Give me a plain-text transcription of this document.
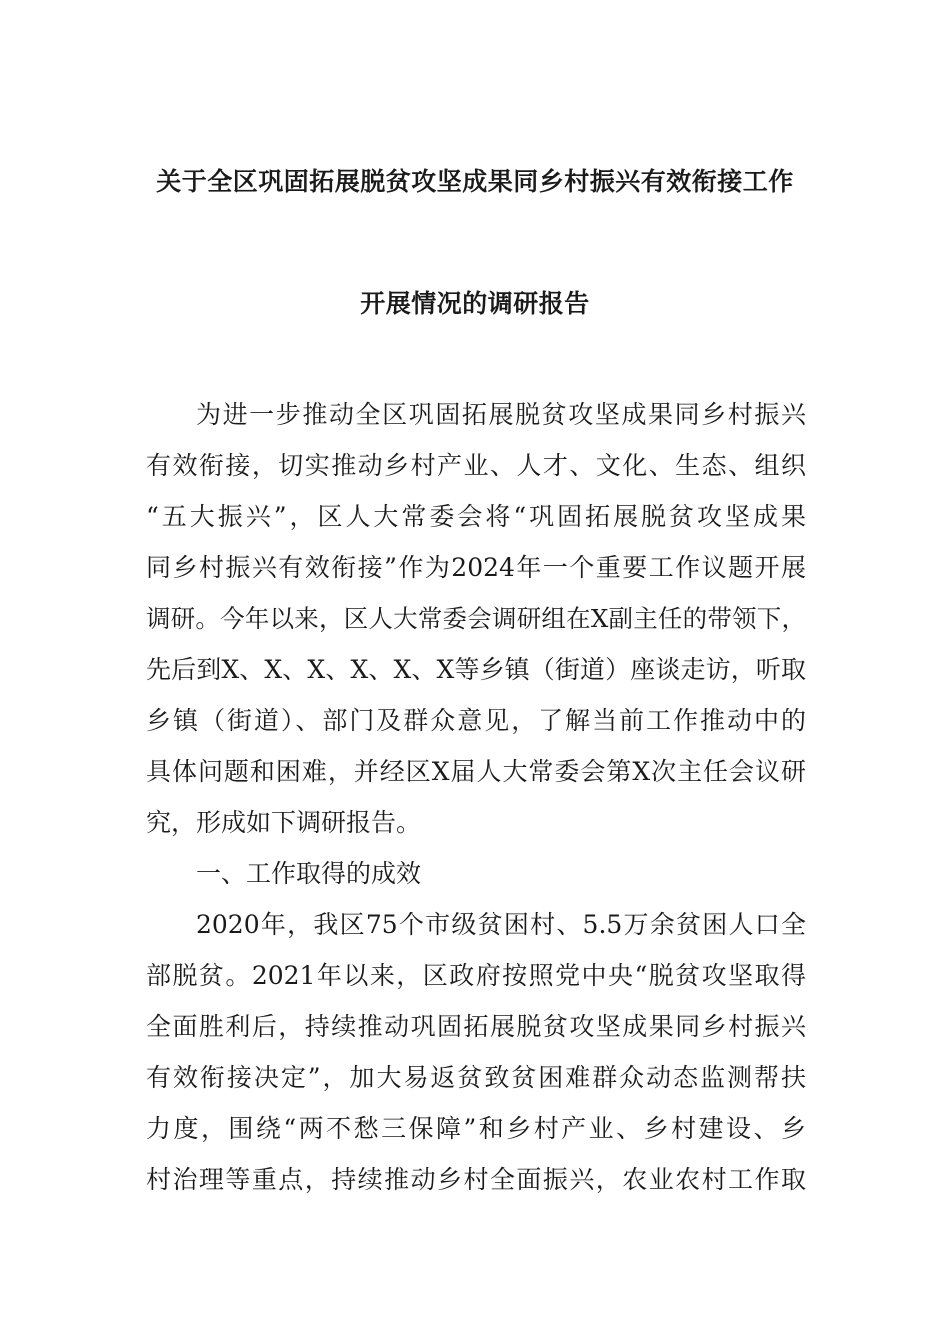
关于全区巩固拓展脱贫攻坚成果同乡村振兴有效衔接工作
开展情况的调研报告
为进一步推动全区巩固拓展脱贫攻坚成果同乡村振兴
有效衔接，切实推动乡村产业、人才、文化、生态、组织
“五大振兴”，区人大常委会将“巩固拓展脱贫攻坚成果
同乡村振兴有效衔接”作为2024年一个重要工作议题开展
调研。今年以来，区人大常委会调研组在X副主任的带领下，
先后到X、X、X、X、X、X等乡镇（街道）座谈走访，听取
乡镇（街道）、部门及群众意见，了解当前工作推动中的
具体问题和困难，并经区X届人大常委会第X次主任会议研
究，形成如下调研报告。
一、工作取得的成效
2020年，我区75个市级贫困村、5.5万余贫困人口全
部脱贫。2021年以来，区政府按照党中央“脱贫攻坚取得
全面胜利后，持续推动巩固拓展脱贫攻坚成果同乡村振兴
有效衔接决定”，加大易返贫致贫困难群众动态监测帮扶
力度，围绕“两不愁三保障”和乡村产业、乡村建设、乡
村治理等重点，持续推动乡村全面振兴，农业农村工作取
